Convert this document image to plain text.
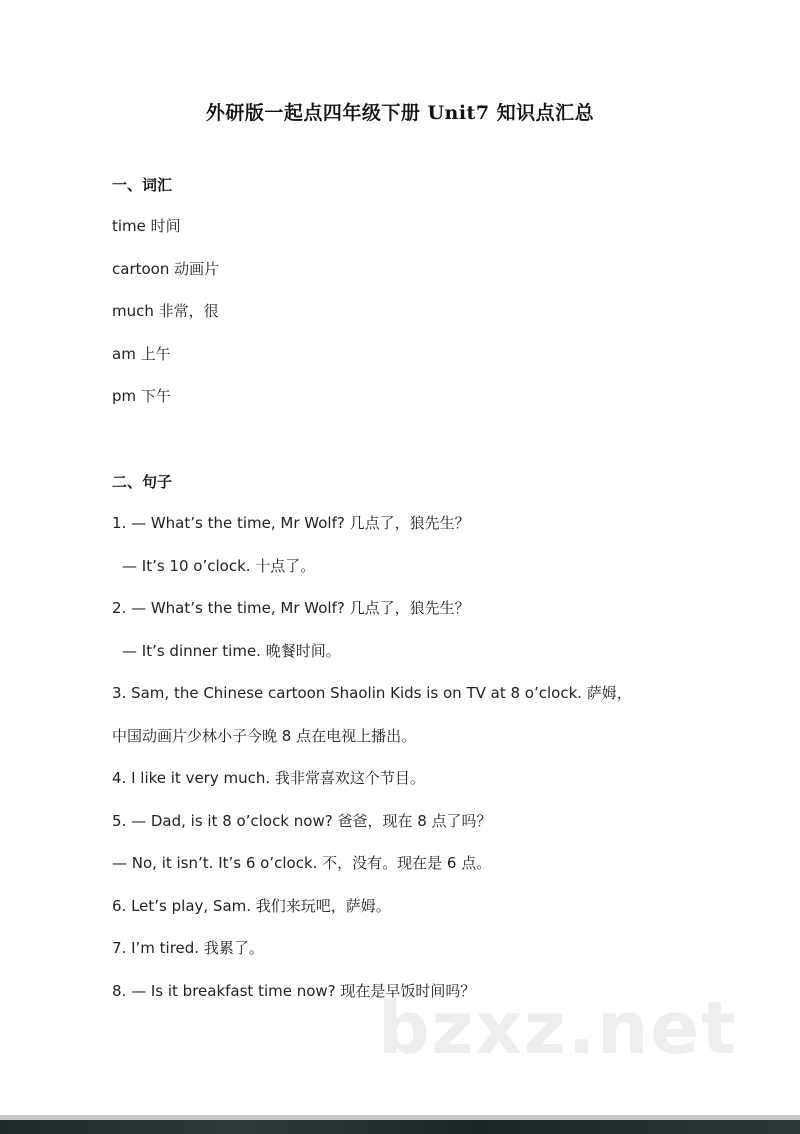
外研版一起点四年级下册 Unit7 知识点汇总
一、词汇
time 时间
cartoon 动画片
much 非常，很
am 上午
pm 下午
二、句子
1. — What’s the time, Mr Wolf? 几点了，狼先生？
— It’s 10 o’clock. 十点了。
2. — What’s the time, Mr Wolf? 几点了，狼先生？
— It’s dinner time. 晚餐时间。
3. Sam, the Chinese cartoon Shaolin Kids is on TV at 8 o’clock. 萨姆，
中国动画片少林小子今晚 8 点在电视上播出。
4. I like it very much. 我非常喜欢这个节目。
5. — Dad, is it 8 o’clock now? 爸爸，现在 8 点了吗？
— No, it isn’t. It’s 6 o’clock. 不，没有。现在是 6 点。
6. Let’s play, Sam. 我们来玩吧，萨姆。
7. I’m tired. 我累了。
8. — Is it breakfast time now? 现在是早饭时间吗？
bzxz.net
